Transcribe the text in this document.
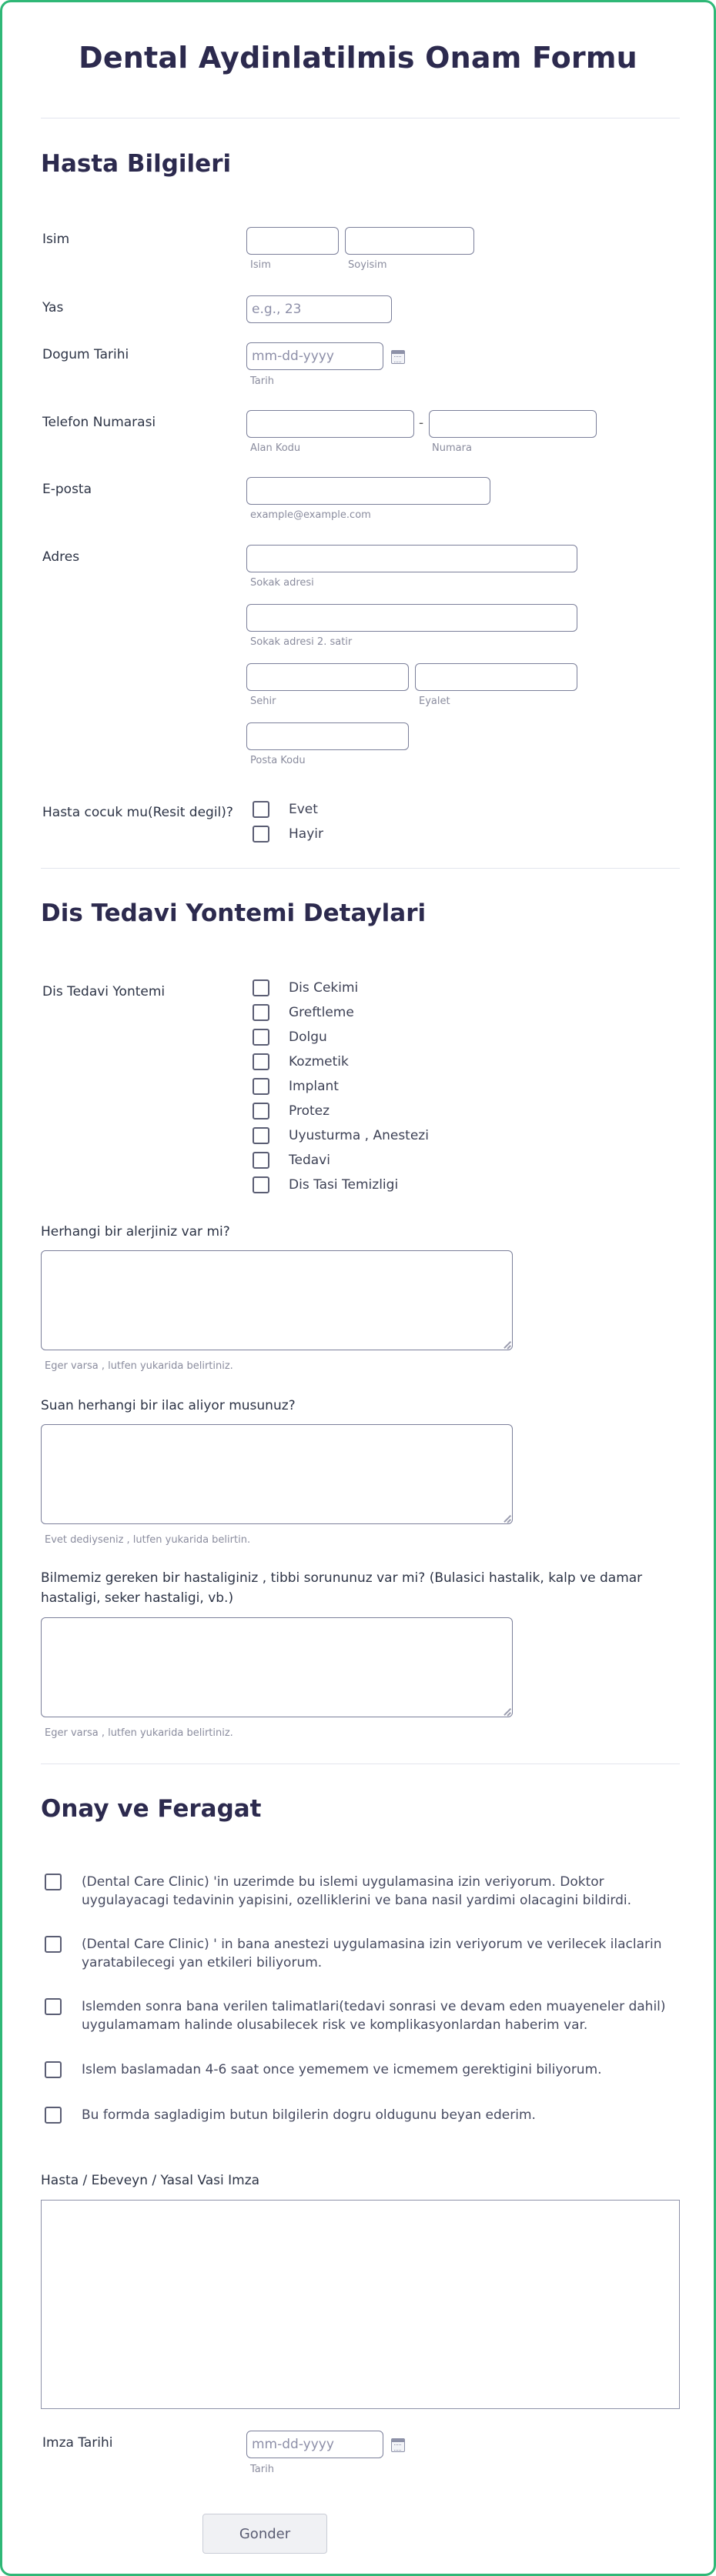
Dental Aydinlatilmis Onam Formu
Hasta Bilgileri
Isim
Isim	Soyisim
Yas	e.g., 23
Dogum Tarihi	mm-dd-yyyy
Tarih
Telefon Numarasi	-
Alan Kodu	Numara
E-posta
example@example.com
Adres
Sokak adresi
Sokak adresi 2. satir
Sehir	Eyalet
Posta Kodu
Hasta cocuk mu(Resit degil)?	Evet
Hayir
Dis Tedavi Yontemi Detaylari
Dis Tedavi Yontemi	Dis Cekimi
Greftleme
Dolgu
Kozmetik
Implant
Protez
Uyusturma , Anestezi
Tedavi
Dis Tasi Temizligi
Herhangi bir alerjiniz var mi?
Eger varsa , lutfen yukarida belirtiniz.
Suan herhangi bir ilac aliyor musunuz?
Evet dediyseniz , lutfen yukarida belirtin.
Bilmemiz gereken bir hastaliginiz , tibbi sorununuz var mi? (Bulasici hastalik, kalp ve damar hastaligi, seker hastaligi, vb.)
Eger varsa , lutfen yukarida belirtiniz.
Onay ve Feragat
(Dental Care Clinic) 'in uzerimde bu islemi uygulamasina izin veriyorum. Doktor uygulayacagi tedavinin yapisini, ozelliklerini ve bana nasil yardimi olacagini bildirdi.
(Dental Care Clinic) ' in bana anestezi uygulamasina izin veriyorum ve verilecek ilaclarin yaratabilecegi yan etkileri biliyorum.
Islemden sonra bana verilen talimatlari(tedavi sonrasi ve devam eden muayeneler dahil) uygulamamam halinde olusabilecek risk ve komplikasyonlardan haberim var.
Islem baslamadan 4-6 saat once yememem ve icmemem gerektigini biliyorum.
Bu formda sagladigim butun bilgilerin dogru oldugunu beyan ederim.
Hasta / Ebeveyn / Yasal Vasi Imza
Imza Tarihi	mm-dd-yyyy
Tarih
Gonder
